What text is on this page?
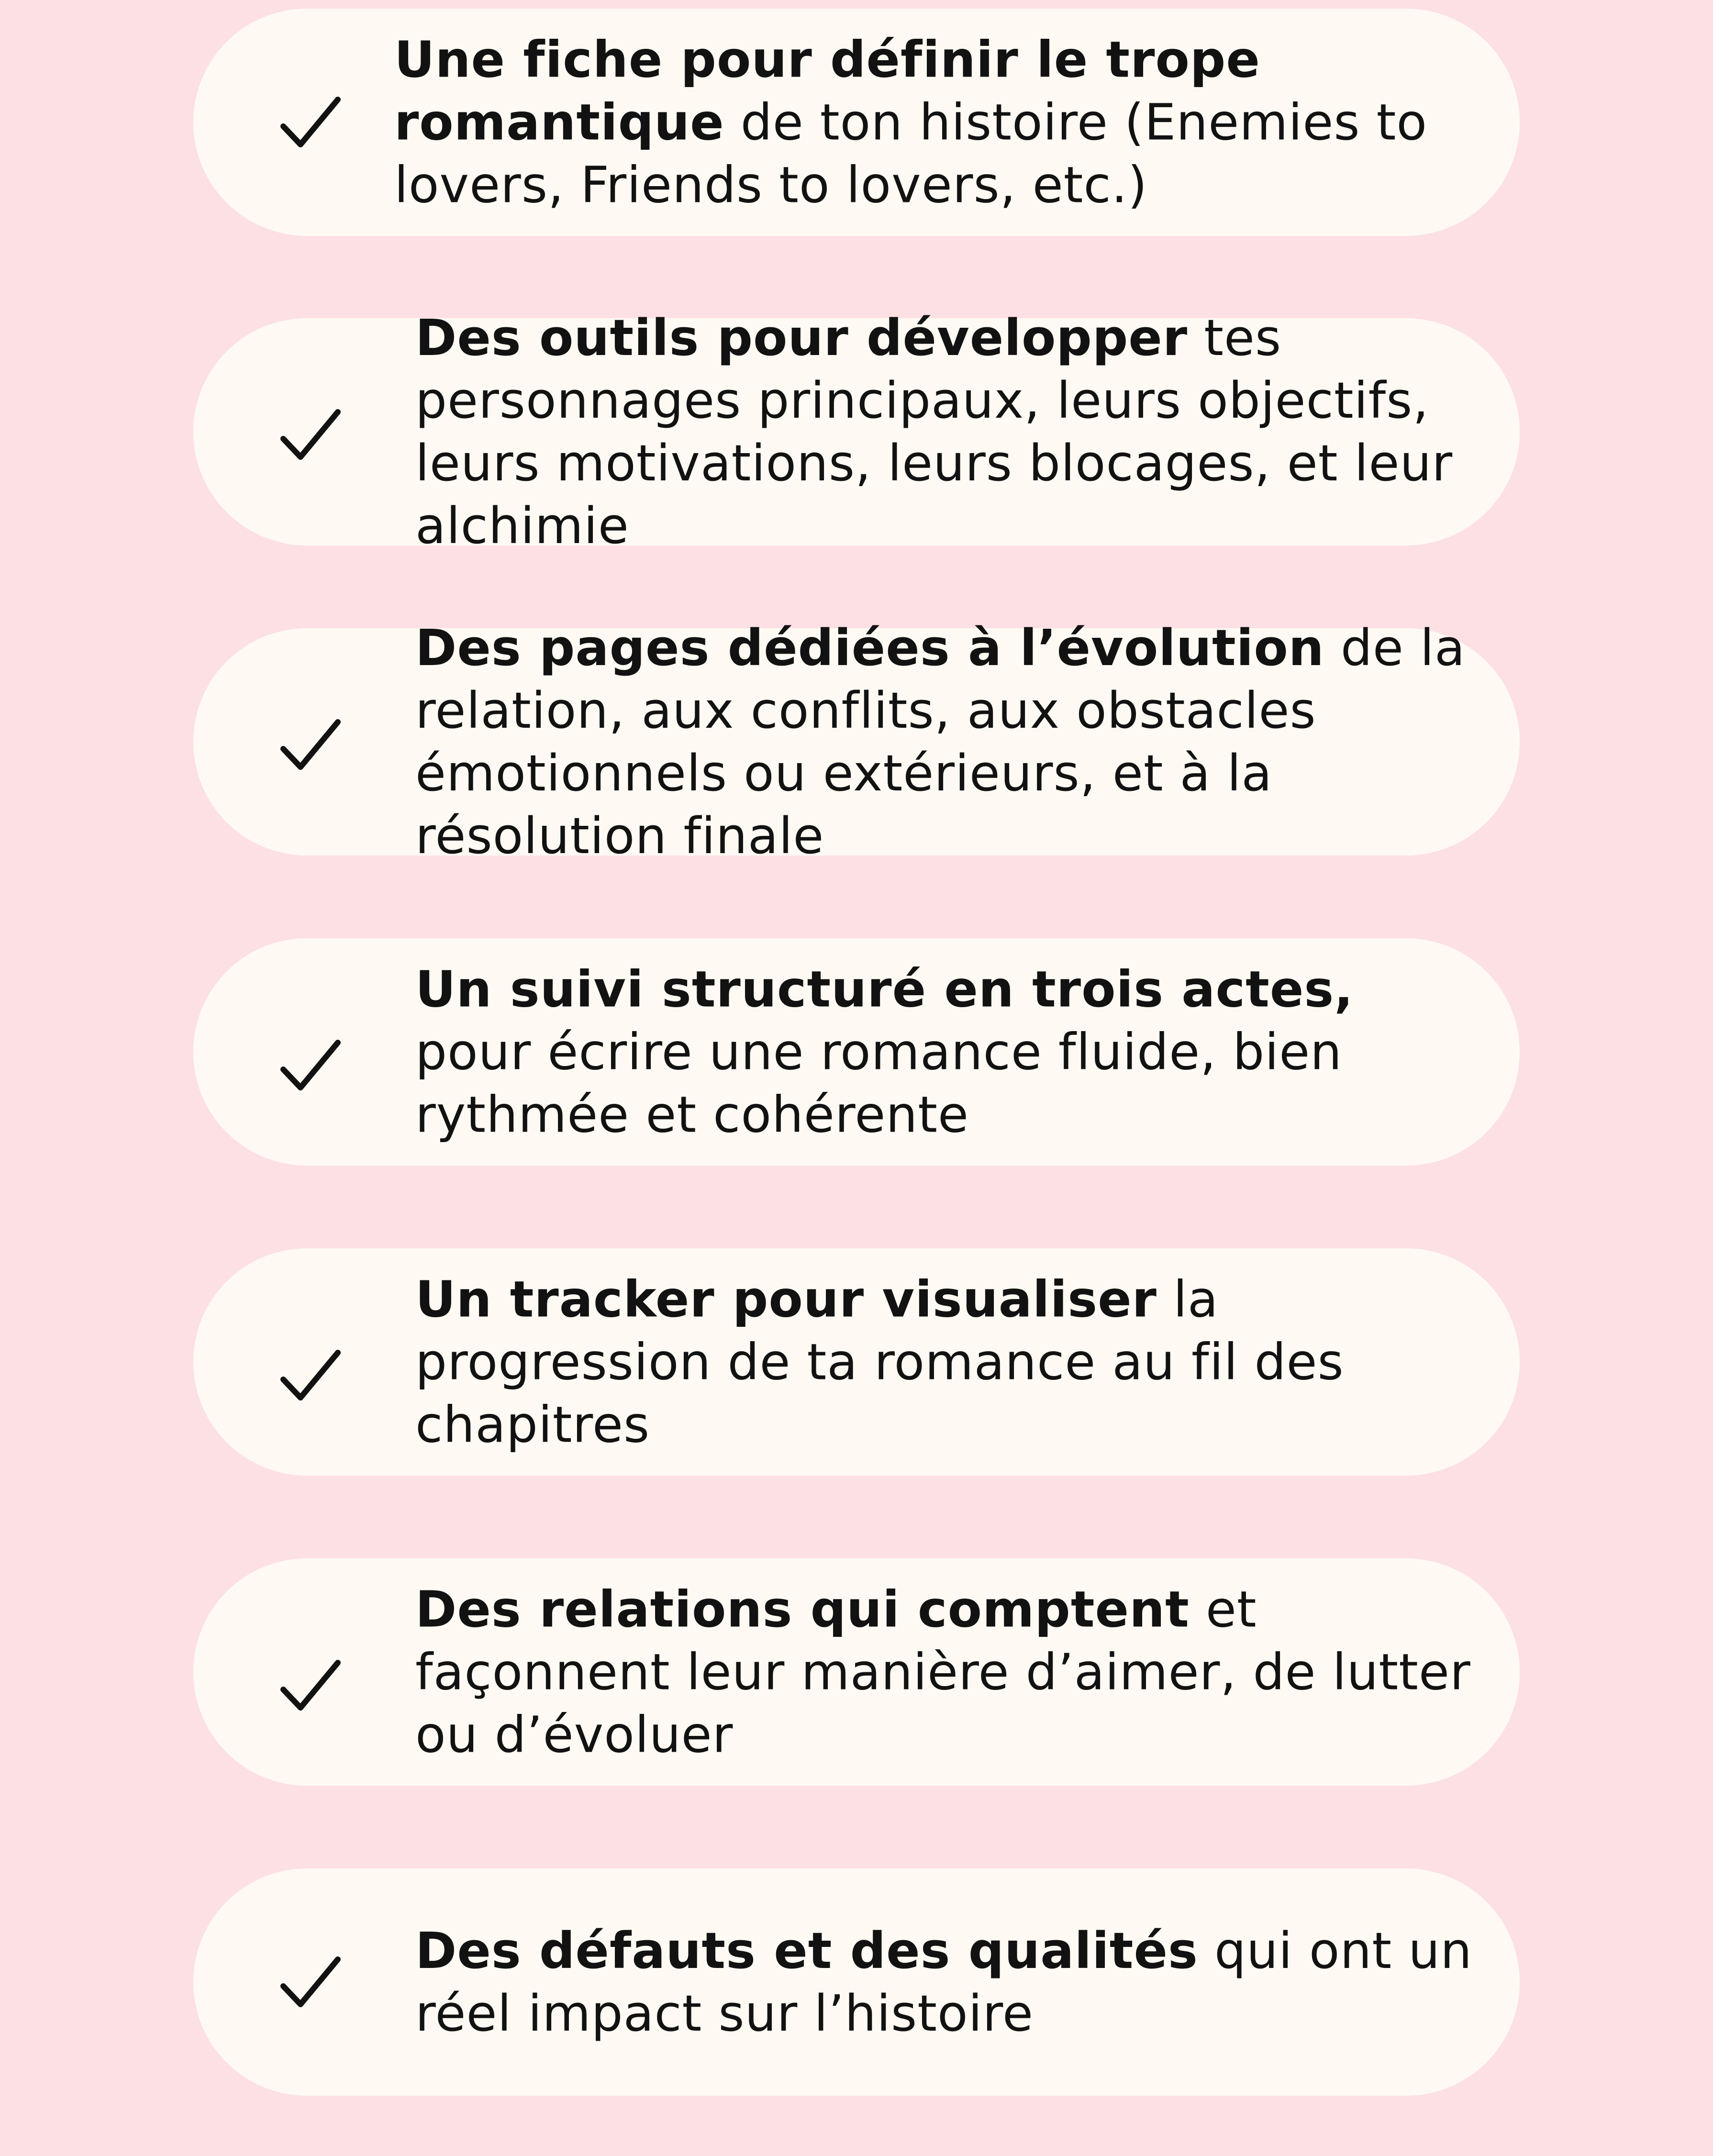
Une fiche pour définir le trope romantique de ton histoire (Enemies to lovers, Friends to lovers, etc.)

Des outils pour développer tes personnages principaux, leurs objectifs, leurs motivations, leurs blocages, et leur alchimie

Des pages dédiées à l’évolution de la relation, aux conflits, aux obstacles émotionnels ou extérieurs, et à la résolution finale

Un suivi structuré en trois actes, pour écrire une romance fluide, bien rythmée et cohérente

Un tracker pour visualiser la progression de ta romance au fil des chapitres

Des relations qui comptent et façonnent leur manière d’aimer, de lutter ou d’évoluer

Des défauts et des qualités qui ont un réel impact sur l’histoire
